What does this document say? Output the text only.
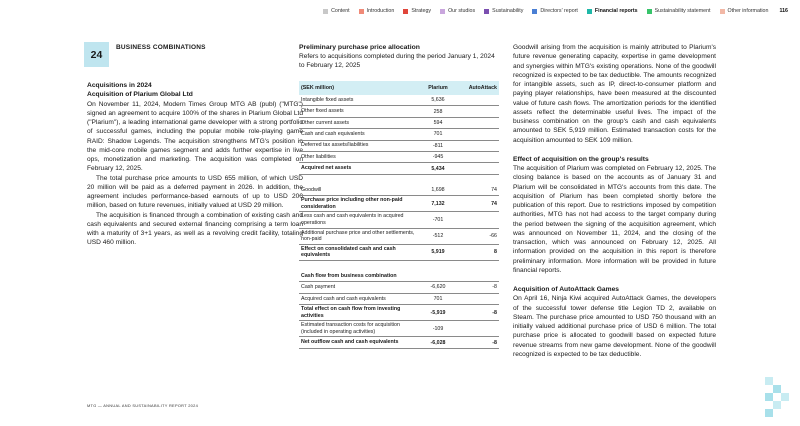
Content	Introduction	Strategy	Our studios	Sustainability	Directors' report	Financial reports	Sustainability statement	Other information 116
24
BUSINESS COMBINATIONS
Acquisitions in 2024
Acquisition of Plarium Global Ltd

On November 11, 2024, Modern Times Group MTG AB (publ) ("MTG") signed an agreement to acquire 100% of the shares in Plarium Global Ltd ("Plarium"), a leading international game developer with a strong portfolio of successful games, including the popular mobile role-playing game RAID: Shadow Legends. The acquisition strengthens MTG's position in the mid-core mobile games segment and adds further expertise in live ops, monetization and marketing. The acquisition was completed on February 12, 2025.

The total purchase price amounts to USD 655 million, of which USD 20 million will be paid as a deferred payment in 2026. In addition, the agreement includes performance-based earnouts of up to USD 200 million, based on future revenues, initially valued at USD 29 million.

The acquisition is financed through a combination of existing cash and cash equivalents and secured external financing comprising a term loan with a maturity of 3+1 years, as well as a revolving credit facility, totaling USD 460 million.

Preliminary purchase price allocation
Refers to acquisitions completed during the period January 1, 2024 to February 12, 2025
(SEK million)	Plarium	AutoAttack
Intangible fixed assets	5,636
Other fixed assets	258
Other current assets	594
Cash and cash equivalents	701
Deferred tax assets/liabilities	-811
Other liabilities	-945
Acquired net assets	5,434
Goodwill	1,698	74
Purchase price including other non-paid consideration	7,132	74
Less cash and cash equivalents in acquired operations	-701
Additional purchase price and other settlements, non-paid	-512	-66
Effect on consolidated cash and cash equivalents	5,919	8
Cash flow from business combination
Cash payment	-6,620	-8
Acquired cash and cash equivalents	701
Total effect on cash flow from investing activities	-5,919	-8
Estimated transaction costs for acquisition (included in operating activities)	-109
Net outflow cash and cash equivalents	-6,028	-8

Goodwill arising from the acquisition is mainly attributed to Plarium's future revenue generating capacity, expertise in game development and synergies within MTG's existing operations. None of the goodwill recognized is expected to be tax deductible. The amounts recognized for intangible assets, such as IP, direct-to-consumer platform and paying player relationships, have been measured at the discounted value of future cash flows. The amortization periods for the identified assets reflect the determinable useful lives. The impact of the business combination on the group's cash and cash equivalents amounted to SEK 5,919 million. Estimated transaction costs for the acquisition amounted to SEK 109 million.

Effect of acquisition on the group's results

The acquisition of Plarium was completed on February 12, 2025. The closing balance is based on the accounts as of January 31 and Plarium will be consolidated in MTG's accounts from this date. The acquisition of Plarium has been completed shortly before the publication of this report. Due to restrictions imposed by competition authorities, MTG has not had access to the target company during the period between the signing of the acquisition agreement, which was announced on November 11, 2024, and the closing of the transaction, which was announced on February 12, 2025. All information provided on the acquisition in this report is therefore preliminary information. More information will be provided in future financial reports.

Acquisition of AutoAttack Games

On April 16, Ninja Kiwi acquired AutoAttack Games, the developers of the successful tower defense title Legion TD 2, available on Steam. The purchase price amounted to USD 750 thousand with an initially valued additional purchase price of USD 6 million. The total purchase price is allocated to goodwill based on expected future revenue streams from new game development. None of the goodwill recognized is expected to be tax deductible.

MTG — ANNUAL AND SUSTAINABILITY REPORT 2024
